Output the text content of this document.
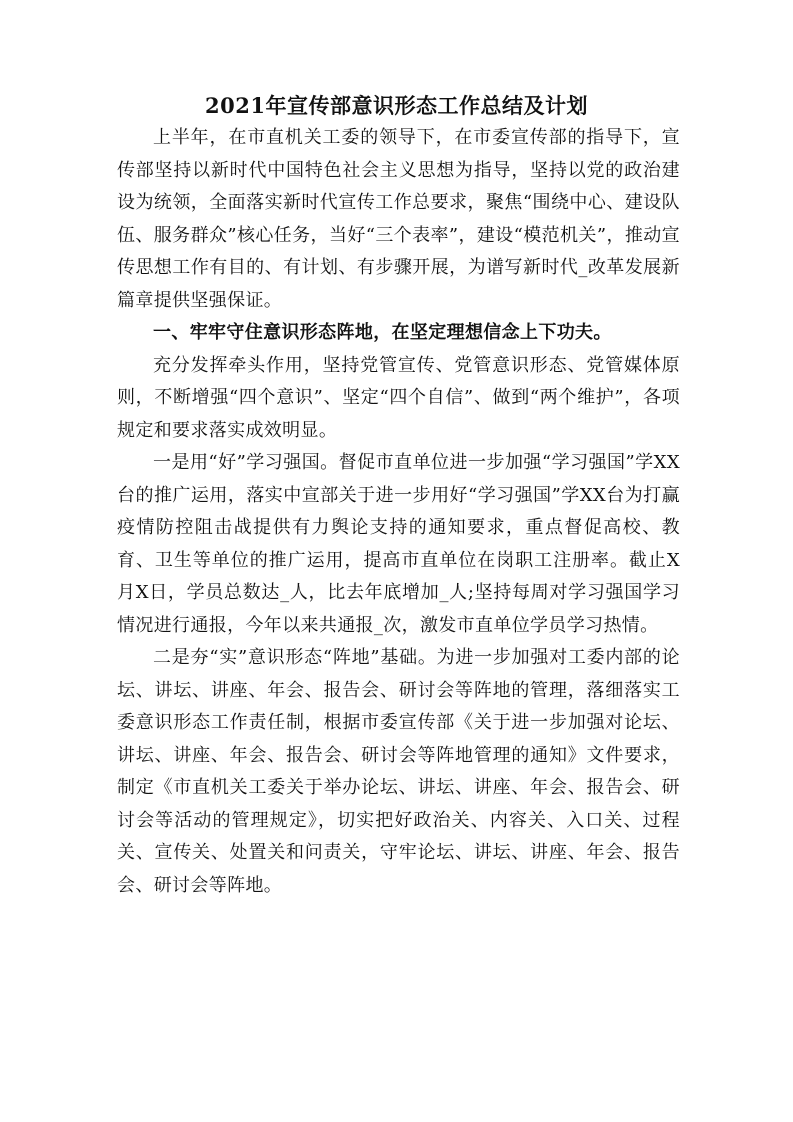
2021年宣传部意识形态工作总结及计划

上半年，在市直机关工委的领导下，在市委宣传部的指导下，宣传部坚持以新时代中国特色社会主义思想为指导，坚持以党的政治建设为统领，全面落实新时代宣传工作总要求，聚焦“围绕中心、建设队伍、服务群众”核心任务，当好“三个表率”，建设“模范机关”，推动宣传思想工作有目的、有计划、有步骤开展，为谱写新时代_改革发展新篇章提供坚强保证。

一、牢牢守住意识形态阵地，在坚定理想信念上下功夫。

充分发挥牵头作用，坚持党管宣传、党管意识形态、党管媒体原则，不断增强“四个意识”、坚定“四个自信”、做到“两个维护”，各项规定和要求落实成效明显。

一是用“好”学习强国。督促市直单位进一步加强“学习强国”学XX台的推广运用，落实中宣部关于进一步用好“学习强国”学XX台为打赢疫情防控阻击战提供有力舆论支持的通知要求，重点督促高校、教育、卫生等单位的推广运用，提高市直单位在岗职工注册率。截止X月X日，学员总数达_人，比去年底增加_人;坚持每周对学习强国学习情况进行通报，今年以来共通报_次，激发市直单位学员学习热情。

二是夯“实”意识形态“阵地”基础。为进一步加强对工委内部的论坛、讲坛、讲座、年会、报告会、研讨会等阵地的管理，落细落实工委意识形态工作责任制，根据市委宣传部《关于进一步加强对论坛、讲坛、讲座、年会、报告会、研讨会等阵地管理的通知》文件要求，制定《市直机关工委关于举办论坛、讲坛、讲座、年会、报告会、研讨会等活动的管理规定》，切实把好政治关、内容关、入口关、过程关、宣传关、处置关和问责关，守牢论坛、讲坛、讲座、年会、报告会、研讨会等阵地。
